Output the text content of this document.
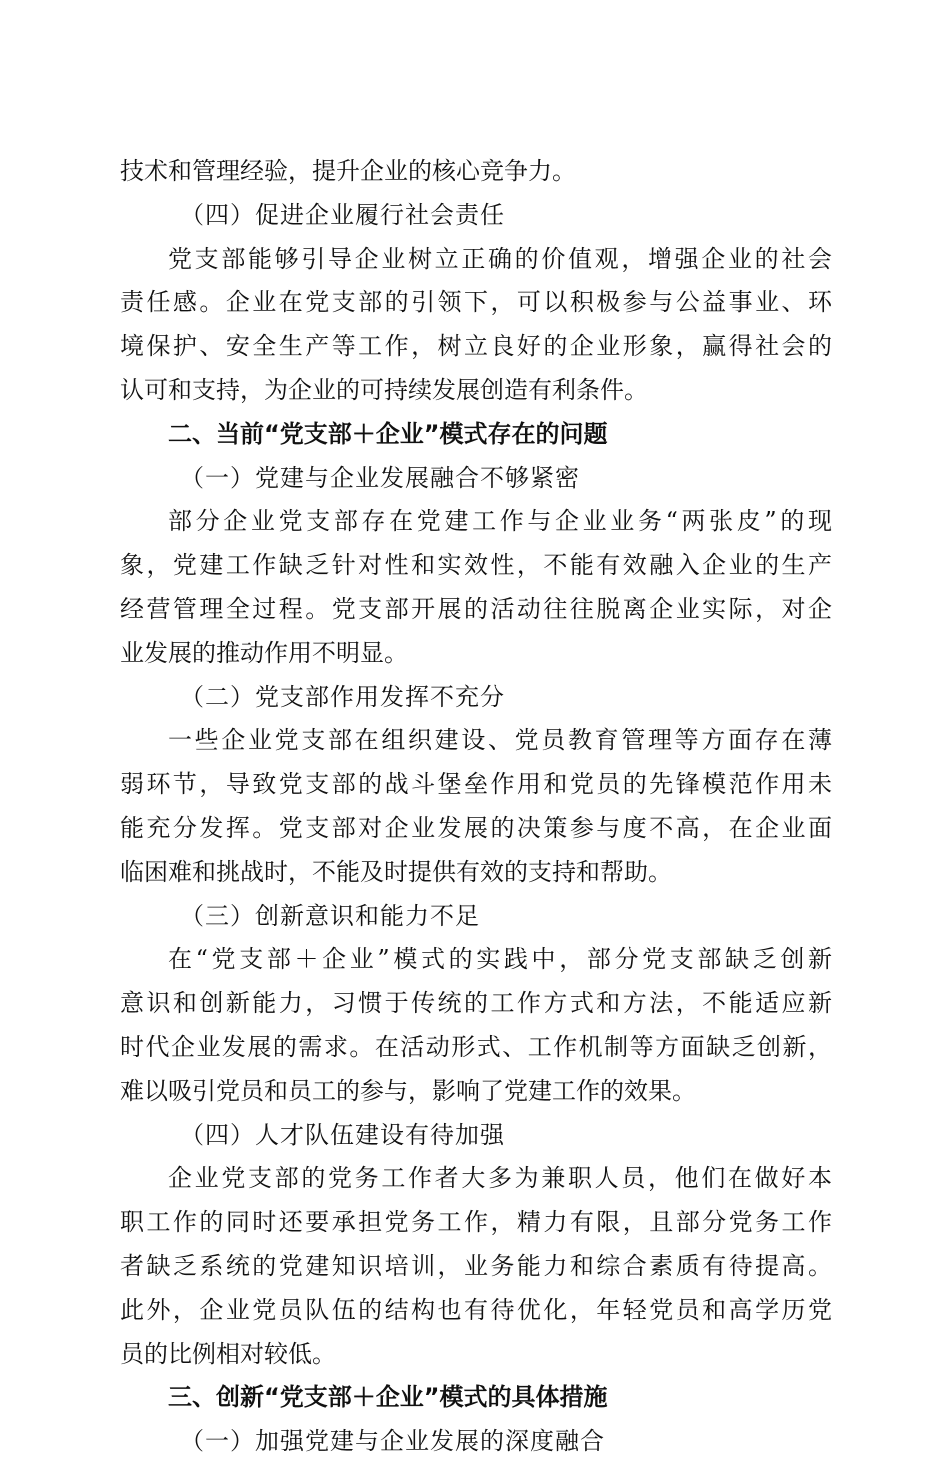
技术和管理经验，提升企业的核心竞争力。
（四）促进企业履行社会责任
党支部能够引导企业树立正确的价值观，增强企业的社会
责任感。企业在党支部的引领下，可以积极参与公益事业、环
境保护、安全生产等工作，树立良好的企业形象，赢得社会的
认可和支持，为企业的可持续发展创造有利条件。
二、当前“党支部＋企业”模式存在的问题
（一）党建与企业发展融合不够紧密
部分企业党支部存在党建工作与企业业务“两张皮”的现
象，党建工作缺乏针对性和实效性，不能有效融入企业的生产
经营管理全过程。党支部开展的活动往往脱离企业实际，对企
业发展的推动作用不明显。
（二）党支部作用发挥不充分
一些企业党支部在组织建设、党员教育管理等方面存在薄
弱环节，导致党支部的战斗堡垒作用和党员的先锋模范作用未
能充分发挥。党支部对企业发展的决策参与度不高，在企业面
临困难和挑战时，不能及时提供有效的支持和帮助。
（三）创新意识和能力不足
在“党支部＋企业”模式的实践中，部分党支部缺乏创新
意识和创新能力，习惯于传统的工作方式和方法，不能适应新
时代企业发展的需求。在活动形式、工作机制等方面缺乏创新，
难以吸引党员和员工的参与，影响了党建工作的效果。
（四）人才队伍建设有待加强
企业党支部的党务工作者大多为兼职人员，他们在做好本
职工作的同时还要承担党务工作，精力有限，且部分党务工作
者缺乏系统的党建知识培训，业务能力和综合素质有待提高。
此外，企业党员队伍的结构也有待优化，年轻党员和高学历党
员的比例相对较低。
三、创新“党支部＋企业”模式的具体措施
（一）加强党建与企业发展的深度融合
